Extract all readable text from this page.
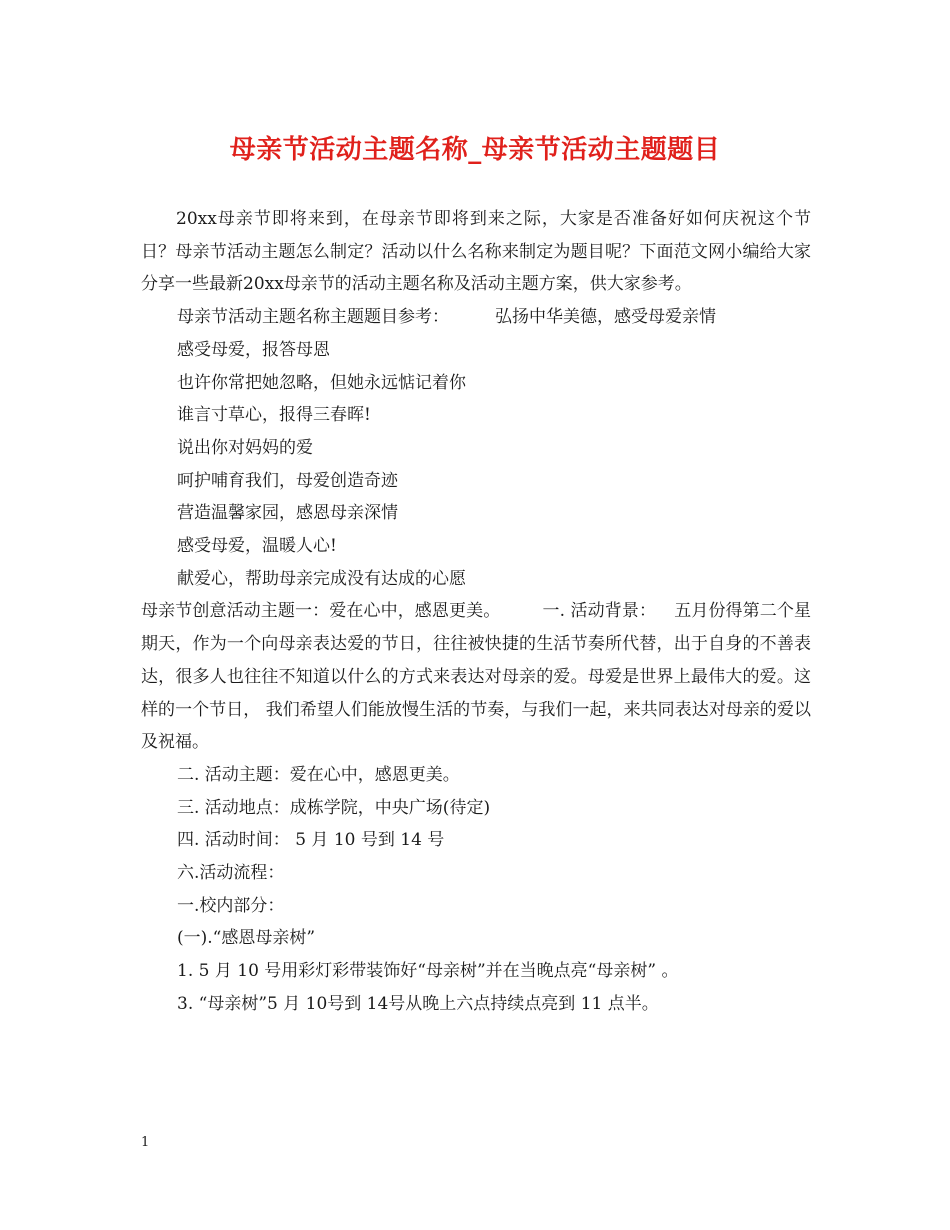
母亲节活动主题名称_母亲节活动主题题目

20xx母亲节即将来到，在母亲节即将到来之际，大家是否准备好如何庆祝这个节日？母亲节活动主题怎么制定？活动以什么名称来制定为题目呢？下面范文网小编给大家分享一些最新20xx母亲节的活动主题名称及活动主题方案，供大家参考。

母亲节活动主题名称主题题目参考：	弘扬中华美德，感受母爱亲情

感受母爱，报答母恩

也许你常把她忽略，但她永远惦记着你

谁言寸草心，报得三春晖!

说出你对妈妈的爱

呵护哺育我们，母爱创造奇迹

营造温馨家园，感恩母亲深情

感受母爱，温暖人心!

献爱心，帮助母亲完成没有达成的心愿

母亲节创意活动主题一：爱在心中，感恩更美。 一. 活动背景： 五月份得第二个星期天，作为一个向母亲表达爱的节日，往往被快捷的生活节奏所代替，出于自身的不善表达，很多人也往往不知道以什么的方式来表达对母亲的爱。母爱是世界上最伟大的爱。这样的一个节日， 我们希望人们能放慢生活的节奏，与我们一起，来共同表达对母亲的爱以及祝福。

二. 活动主题：爱在心中，感恩更美。

三. 活动地点：成栋学院，中央广场(待定)

四. 活动时间： 5 月 10 号到 14 号

六.活动流程：

一.校内部分：

(一).“感恩母亲树”

1. 5 月 10 号用彩灯彩带装饰好“母亲树”并在当晚点亮“母亲树” 。

3. “母亲树”5 月 10号到 14号从晚上六点持续点亮到 11 点半。

1
